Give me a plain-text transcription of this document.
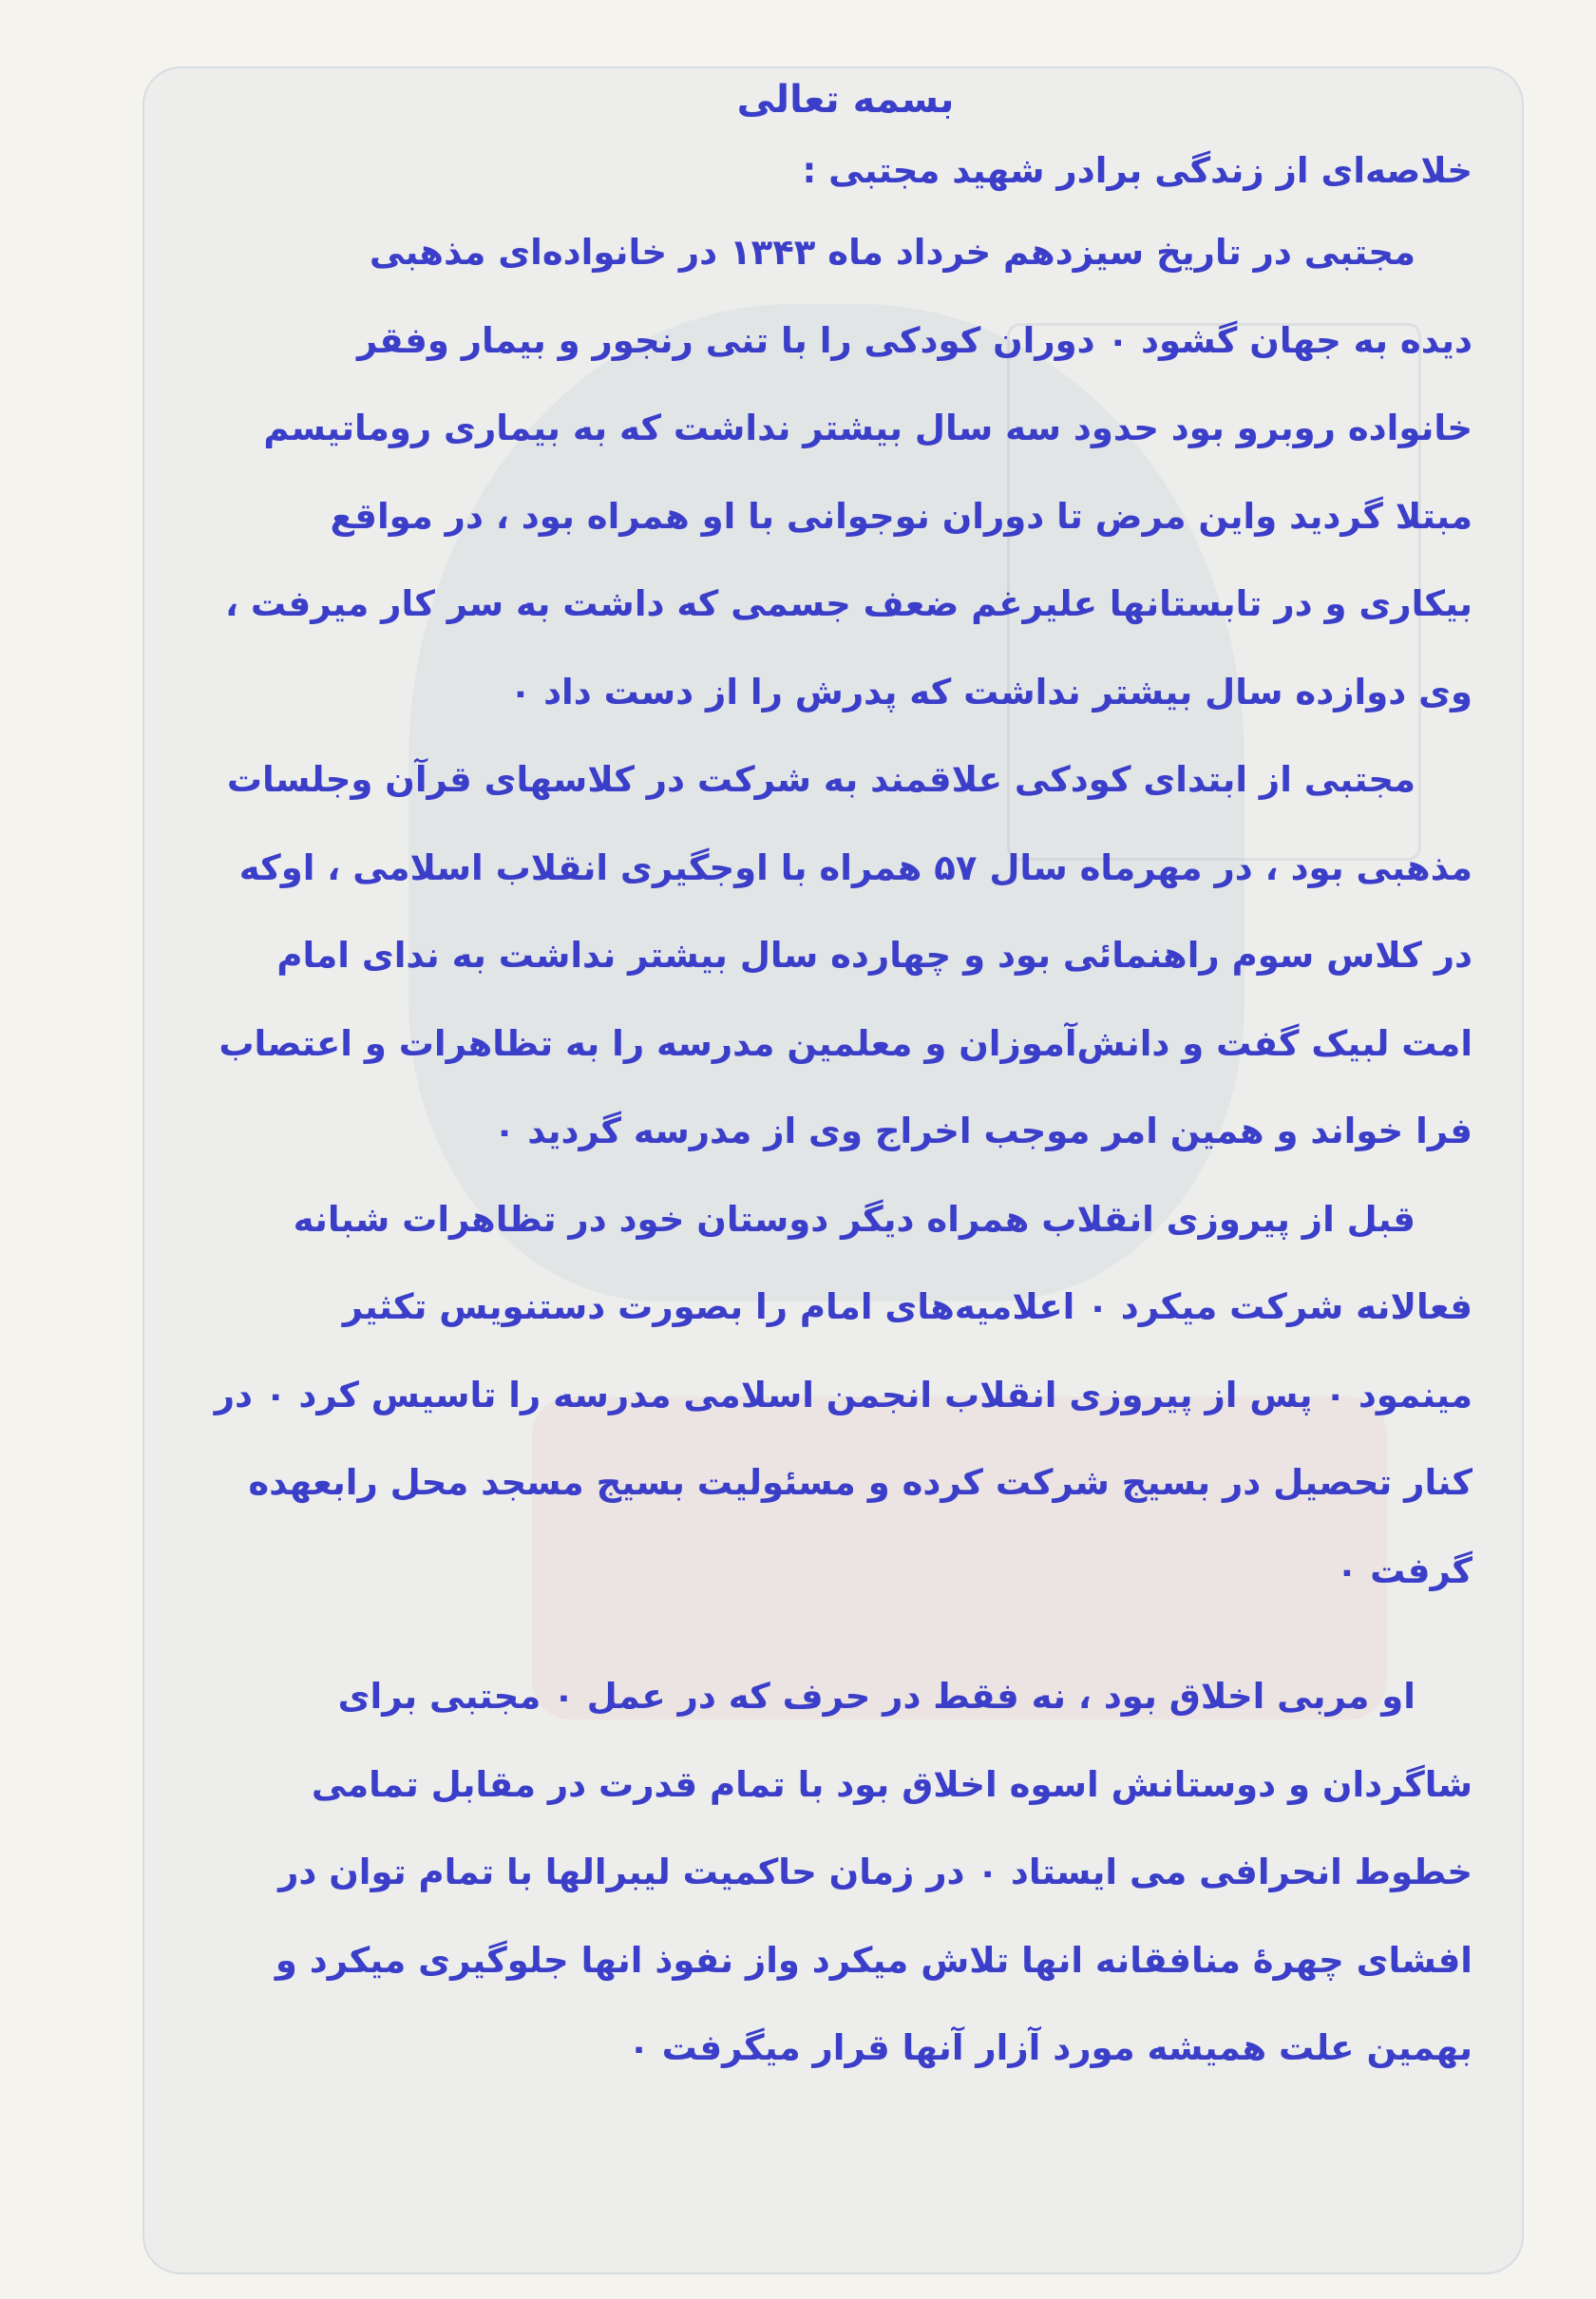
بسمه تعالی
خلاصه‌ای از زندگی برادر شهید مجتبی :
مجتبی در تاریخ سیزدهم خرداد ماه ۱۳۴۳ در خانواده‌ای مذهبی
دیده به جهان گشود ۰ دوران کودکی را با تنی رنجور و بیمار وفقر
خانواده روبرو بود حدود سه سال بیشتر نداشت که به بیماری روماتیسم
مبتلا گردید واین مرض تا دوران نوجوانی با او همراه بود ، در مواقع
بیکاری و در تابستانها علیرغم ضعف جسمی که داشت به سر کار میرفت ،
وی دوازده سال بیشتر نداشت که پدرش را از دست داد ۰
مجتبی از ابتدای کودکی علاقمند به شرکت در کلاسهای قرآن وجلسات
مذهبی بود ، در مهرماه سال ۵۷ همراه با اوجگیری انقلاب اسلامی ، اوکه
در کلاس سوم راهنمائی بود و چهارده سال بیشتر نداشت به ندای امام
امت لبیک گفت و دانش‌آموزان و معلمین مدرسه را به تظاهرات و اعتصاب
فرا خواند و همین امر موجب اخراج وی از مدرسه گردید ۰
قبل از پیروزی انقلاب همراه دیگر دوستان خود در تظاهرات شبانه
فعالانه شرکت میکرد ۰ اعلامیه‌های امام را بصورت دستنویس تکثیر
مینمود ۰ پس از پیروزی انقلاب انجمن اسلامی مدرسه را تاسیس کرد ۰ در
کنار تحصیل در بسیج شرکت کرده و مسئولیت بسیج مسجد محل رابعهده
گرفت ۰
او مربی اخلاق بود ، نه فقط در حرف که در عمل ۰ مجتبی برای
شاگردان و دوستانش اسوه اخلاق بود با تمام قدرت در مقابل تمامی
خطوط انحرافی می ایستاد ۰ در زمان حاکمیت لیبرالها با تمام توان در
افشای چهرهٔ منافقانه انها تلاش میکرد واز نفوذ انها جلوگیری میکرد و
بهمین علت همیشه مورد آزار آنها قرار میگرفت ۰
